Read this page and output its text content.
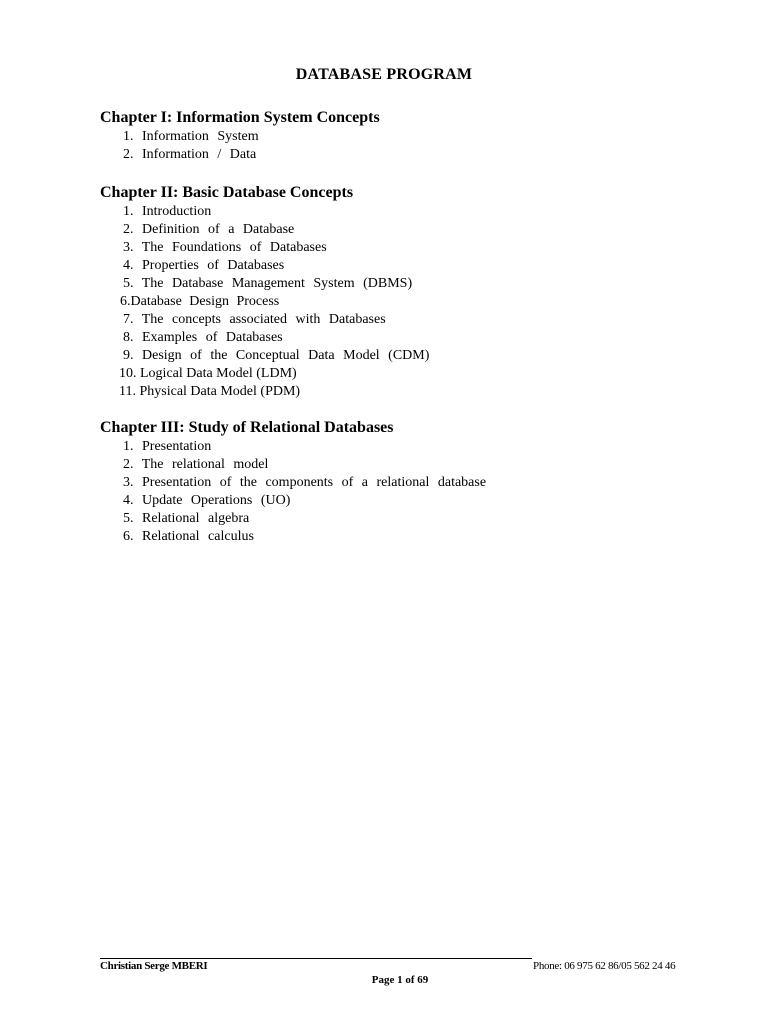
DATABASE PROGRAM
Chapter I: Information System Concepts
1. Information System
2. Information / Data
Chapter II: Basic Database Concepts
1. Introduction
2. Definition of a Database
3. The Foundations of Databases
4. Properties of Databases
5. The Database Management System (DBMS)
6.Database Design Process
7. The concepts associated with Databases
8. Examples of Databases
9. Design of the Conceptual Data Model (CDM)
10. Logical Data Model (LDM)
11. Physical Data Model (PDM)
Chapter III: Study of Relational Databases
1. Presentation
2. The relational model
3. Presentation of the components of a relational database
4. Update Operations (UO)
5. Relational algebra
6. Relational calculus
Christian Serge MBERI	Phone: 06 975 62 86/05 562 24 46
Page 1 of 69
